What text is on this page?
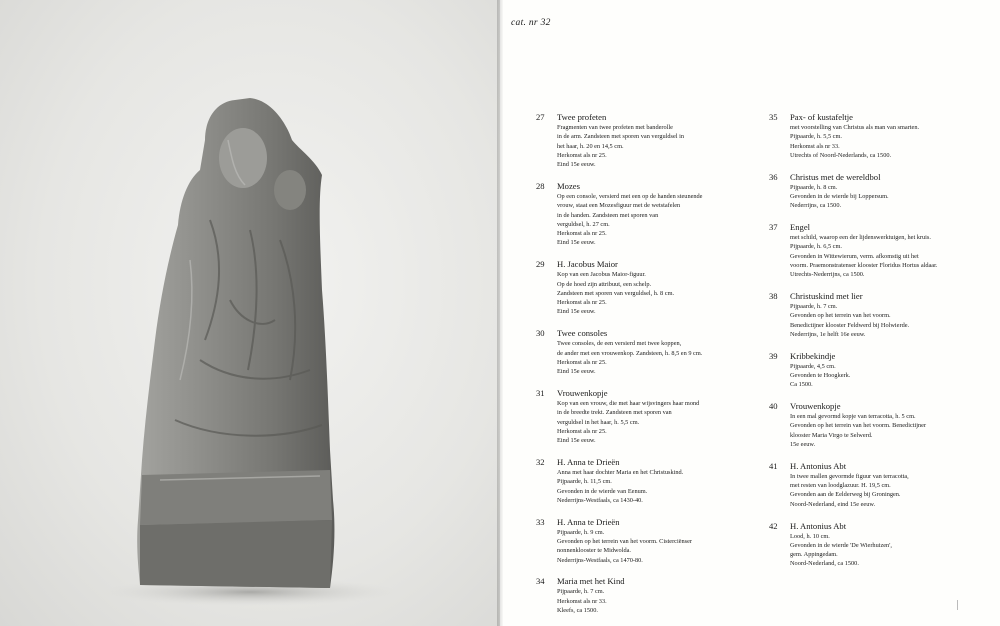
cat. nr 32
27 Twee profeten

Fragmenten van twee profeten met banderolle

in de arm. Zandsteen met sporen van verguldsel in

het haar, h. 20 en 14,5 cm.

Herkomst als nr 25.

Eind 15e eeuw.

28 Mozes

Op een console, versierd met een op de handen steunende

vrouw, staat een Mozesfiguur met de wetstafelen

in de handen. Zandsteen met sporen van

verguldsel, h. 27 cm.

Herkomst als nr 25.

Eind 15e eeuw.

29 H. Jacobus Maior

Kop van een Jacobus Maior-figuur.

Op de hoed zijn attribuut, een schelp.

Zandsteen met sporen van verguldsel, h. 8 cm.

Herkomst als nr 25.

Eind 15e eeuw.

30 Twee consoles

Twee consoles, de een versierd met twee koppen,

de ander met een vrouwenkop. Zandsteen, h. 8,5 en 9 cm.

Herkomst als nr 25.

Eind 15e eeuw.

31 Vrouwenkopje

Kop van een vrouw, die met haar wijsvingers haar mond

in de breedte trekt. Zandsteen met sporen van

verguldsel in het haar, h. 5,5 cm.

Herkomst als nr 25.

Eind 15e eeuw.

32 H. Anna te Drieën

Anna met haar dochter Maria en het Christuskind.

Pijpaarde, h. 11,5 cm.

Gevonden in de wierde van Eenum.

Nederrijns-Westfaals, ca 1430-40.

33 H. Anna te Drieën

Pijpaarde, h. 9 cm.

Gevonden op het terrein van het voorm. Cisterciënser

nonnenklooster te Midwolda.

Nederrijns-Westfaals, ca 1470-80.

34 Maria met het Kind

Pijpaarde, h. 7 cm.

Herkomst als nr 33.

Kleefs, ca 1500.

35 Pax- of kustafeltje

met voorstelling van Christus als man van smarten.

Pijpaarde, h. 5,5 cm.

Herkomst als nr 33.

Utrechts of Noord-Nederlands, ca 1500.

36 Christus met de wereldbol

Pijpaarde, h. 8 cm.

Gevonden in de wierde bij Loppersum.

Nederrijns, ca 1500.

37 Engel

met schild, waarop een der lijdenswerktuigen, het kruis.

Pijpaarde, h. 6,5 cm.

Gevonden in Wittewierum, verm. afkomstig uit het

voorm. Praemonstratenser klooster Floridus Hortus aldaar.

Utrechts-Nederrijns, ca 1500.

38 Christuskind met lier

Pijpaarde, h. 7 cm.

Gevonden op het terrein van het voorm.

Benedictijner klooster Feldwerd bij Holwierde.

Nederrijns, 1e helft 16e eeuw.

39 Kribbekindje

Pijpaarde, 4,5 cm.

Gevonden te Hoogkerk.

Ca 1500.

40 Vrouwenkopje

In een mal gevormd kopje van terracotta, h. 5 cm.

Gevonden op het terrein van het voorm. Benedictijner

klooster Maria Virgo te Selwerd.

15e eeuw.

41 H. Antonius Abt

In twee mallen gevormde figuur van terracotta,

met resten van loodglazuur. H. 19,5 cm.

Gevonden aan de Eelderweg bij Groningen.

Noord-Nederland, eind 15e eeuw.

42 H. Antonius Abt

Lood, h. 10 cm.

Gevonden in de wierde 'De Wierhuizen',

gem. Appingedam.

Noord-Nederland, ca 1500.
